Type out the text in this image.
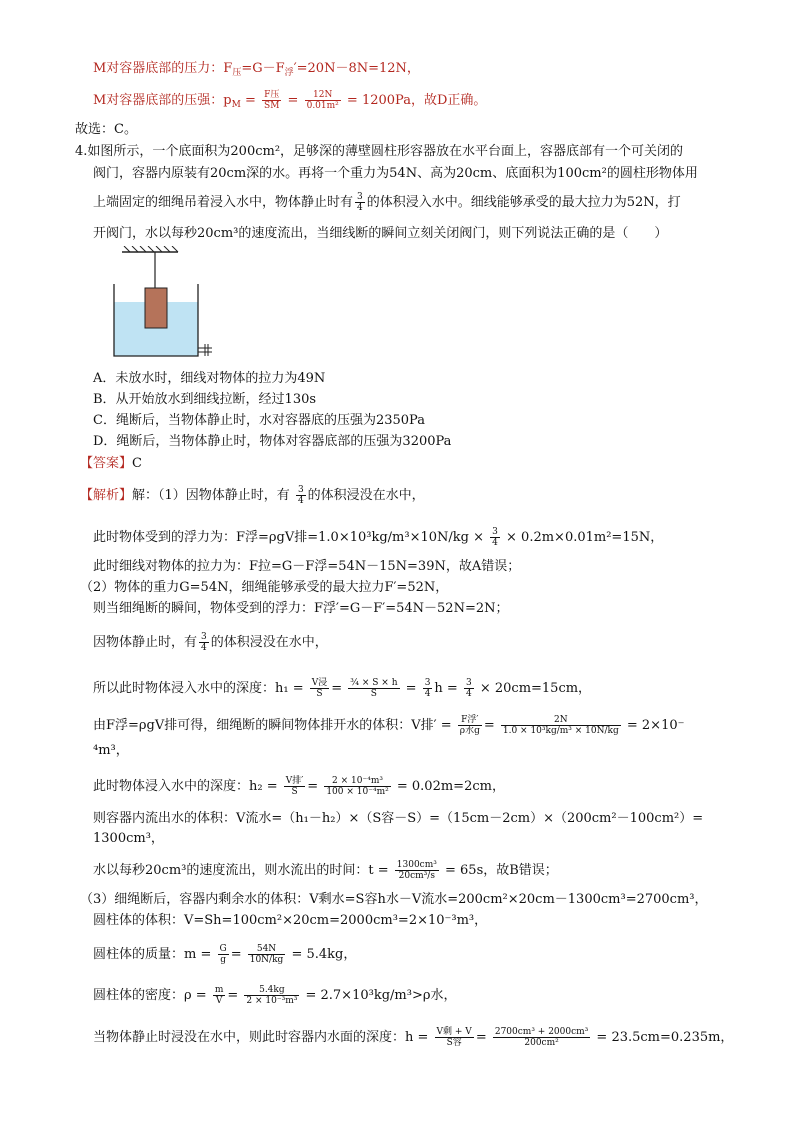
M对容器底部的压力：$F_压=G-F_浮'=20N-8N=12N$，
M对容器底部的压强：$p_M = \frac{\text{F压}}{SM} = \frac{12N}{\text{0.01m²}} = 1200Pa$，故D正确。
故选：C。
4.如图所示，一个底面积为200cm²，足够深的薄壁圆柱形容器放在水平台面上，容器底部有一个可关闭的
阀门，容器内原装有20cm深的水。再将一个重力为54N、高为20cm、底面积为100cm²的圆柱形物体用
上端固定的细绳吊着浸入水中，物体静止时有 $\frac{3}{4}$ 的体积浸入水中。细线能够承受的最大拉力为52N，打
开阀门，水以每秒20cm³的速度流出，当细线断的瞬间立刻关闭阀门，则下列说法正确的是（　　）
A．未放水时，细线对物体的拉力为49N
B．从开始放水到细线拉断，经过130s
C．绳断后，当物体静止时，水对容器底的压强为2350Pa
D．绳断后，当物体静止时，物体对容器底部的压强为3200Pa
【答案】C
【解析】解：（1）因物体静止时，有 $\frac{3}{4}$ 的体积浸没在水中，
此时物体受到的浮力为：F浮=ρgV排$=1.0\times 10^3kg/m^3\times 10N/kg \times \frac{3}{4} \times 0.2m\times 0.01m^2=15N$，
此时细线对物体的拉力为：F拉=G－F浮=54N－15N=39N，故A错误；
（2）物体的重力G=54N，细绳能够承受的最大拉力F′=52N，
则当细绳断的瞬间，物体受到的浮力：F浮′=G－F′=54N－52N=2N；
因物体静止时，有 $\frac{3}{4}$ 的体积浸没在水中，
所以此时物体浸入水中的深度：$h_1 = \frac{\text{V浸}}{S} = \frac{\text{¾ × S × h}}{S} = \frac{3}{4}$ $h = \frac{3}{4} \times 20cm=15cm$，
由F浮=ρgV排可得，细绳断的瞬间物体排开水的体积：V排′ = $\frac{\text{F浮′}}{\text{ρ水g}} = \frac{2N}{\text{1.0 × 10³kg/m³ × 10N/kg}} = 2\times 10^-$
⁴m³，
此时物体浸入水中的深度：$h_2 = \frac{\text{V排′}}{S} = \frac{\text{2 × 10⁻⁴m³}}{\text{100 × 10⁻⁴m²}} = 0.02m=2cm$，
则容器内流出水的体积：V流水=（h₁－h₂）×（S容－S）=（15cm－2cm）×（200cm²－100cm²）=
1300cm³，
水以每秒20cm³的速度流出，则水流出的时间：$t = \frac{\text{1300cm³}}{\text{20cm³/s}} = 65s$，故B错误；
（3）细绳断后，容器内剩余水的体积：V剩水=S容h水－V流水=200cm²×20cm－1300cm³=2700cm³，
圆柱体的体积：V=Sh=100cm²×20cm=2000cm³=2×10⁻³m³，
圆柱体的质量：$m = \frac{G}{g} = \frac{54N}{10N/kg} = 5.4kg$，
圆柱体的密度：$\rho = \frac{m}{V} = \frac{5.4kg}{\text{2 × 10⁻³m³}} = 2.7\times 10^3kg/m^3>\rho$水，
当物体静止时浸没在水中，则此时容器内水面的深度：$h = \frac{\text{V剩 + V}}{\text{S容}} = \frac{\text{2700cm³ + 2000cm³}}{\text{200cm²}} = 23.5cm=0.235m$，
